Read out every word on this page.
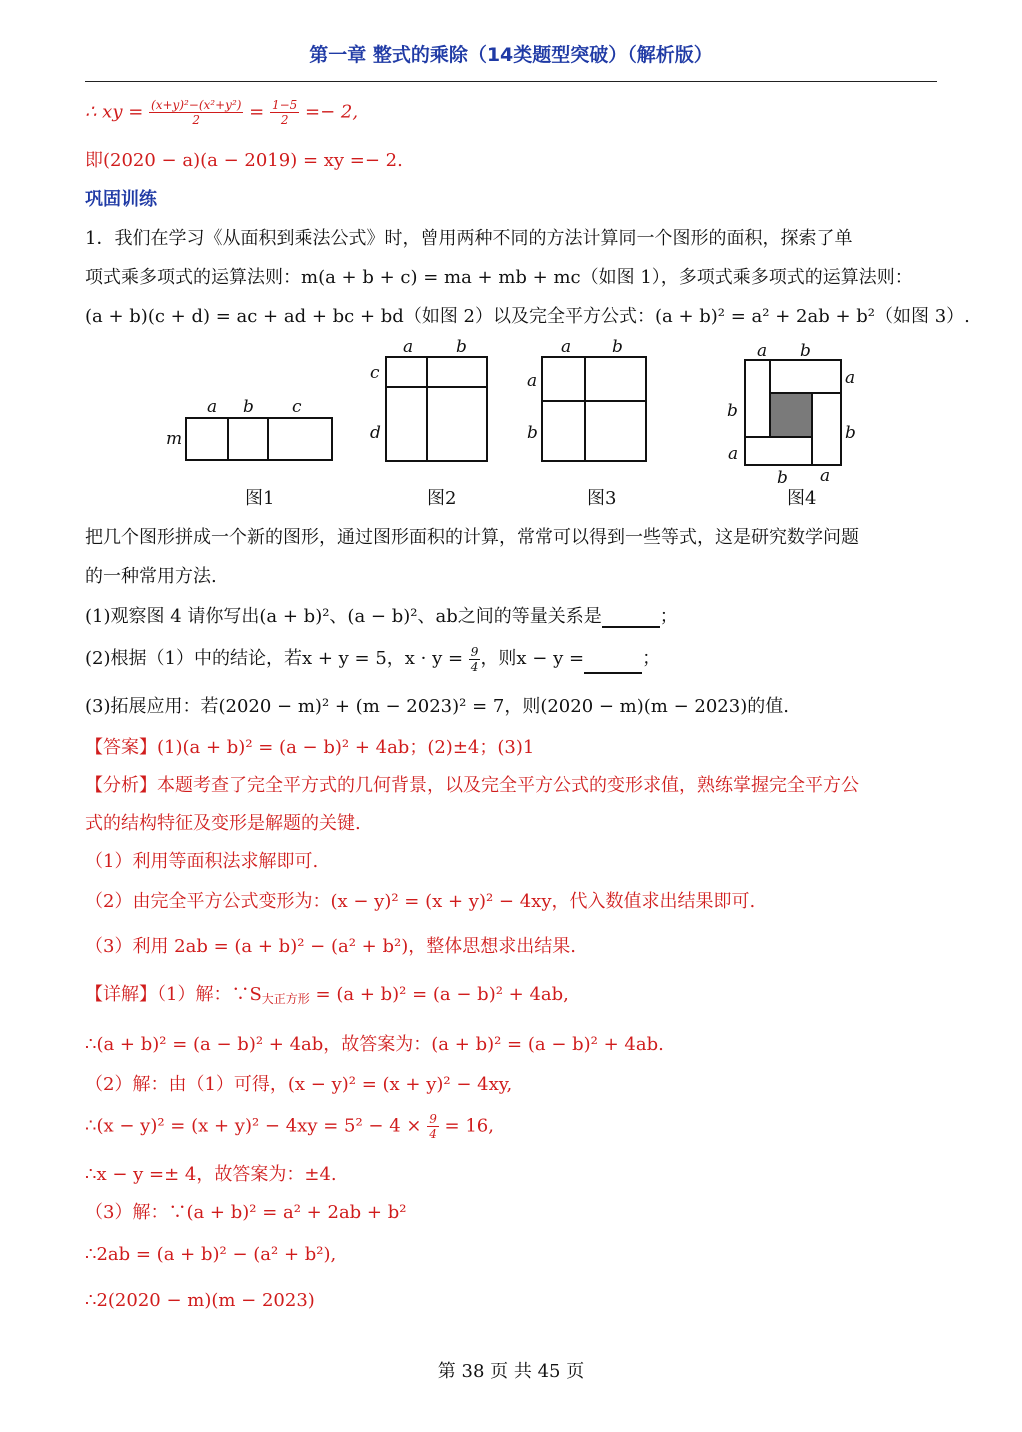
第一章 整式的乘除（14类题型突破）（解析版）
∴ xy = $\frac{\text{(x+y)²−(x²+y²)}}{2} = \frac{1-5}{2} =- 2$,
即(2020 − a)(a − 2019) = xy =− 2.
巩固训练
1．我们在学习《从面积到乘法公式》时，曾用两种不同的方法计算同一个图形的面积，探索了单
项式乘多项式的运算法则：m(a + b + c) = ma + mb + mc（如图 1），多项式乘多项式的运算法则：
(a + b)(c + d) = ac + ad + bc + bd（如图 2）以及完全平方公式：(a + b)² = a² + 2ab + b²（如图 3）.
a b c
m
a	b
c
d
a b
a
b
a b
a
b
b
a
b a
图1	图2	图3	图4
把几个图形拼成一个新的图形，通过图形面积的计算，常常可以得到一些等式，这是研究数学问题
的一种常用方法.
(1)观察图 4 请你写出(a + b)²、(a − b)²、ab之间的等量关系是	；
(2)根据（1）中的结论，若x + y = 5，$x \cdot y = \frac{9}{4}$ ，则x − y =	；
(3)拓展应用：若(2020 − m)² + (m − 2023)² = 7，则(2020 − m)(m − 2023)的值.
【答案】(1)(a + b)² = (a − b)² + 4ab；(2)±4；(3)1
【分析】本题考查了完全平方式的几何背景，以及完全平方公式的变形求值，熟练掌握完全平方公
式的结构特征及变形是解题的关键.
（1）利用等面积法求解即可.
（2）由完全平方公式变形为：(x − y)² = (x + y)² − 4xy，代入数值求出结果即可.
（3）利用 2ab = (a + b)² − (a² + b²)，整体思想求出结果.
【详解】（1）解：$\because S_{大正方形} = (a + b)^2 = (a - b)^2 + 4ab$,
∴(a + b)² = (a − b)² + 4ab，故答案为：(a + b)² = (a − b)² + 4ab.
（2）解：由（1）可得，(x − y)² = (x + y)² − 4xy,
∴(x − $y)^2 = (x + y)^2 - 4xy = 5^2 - 4 \times \frac{9}{4} = 16$,
∴x − y =± 4，故答案为：±4.
（3）解：∵(a + b)² = a² + 2ab + b²
∴2ab = (a + b)² − (a² + b²),
∴2(2020 − m)(m − 2023)
第 38 页 共 45 页
